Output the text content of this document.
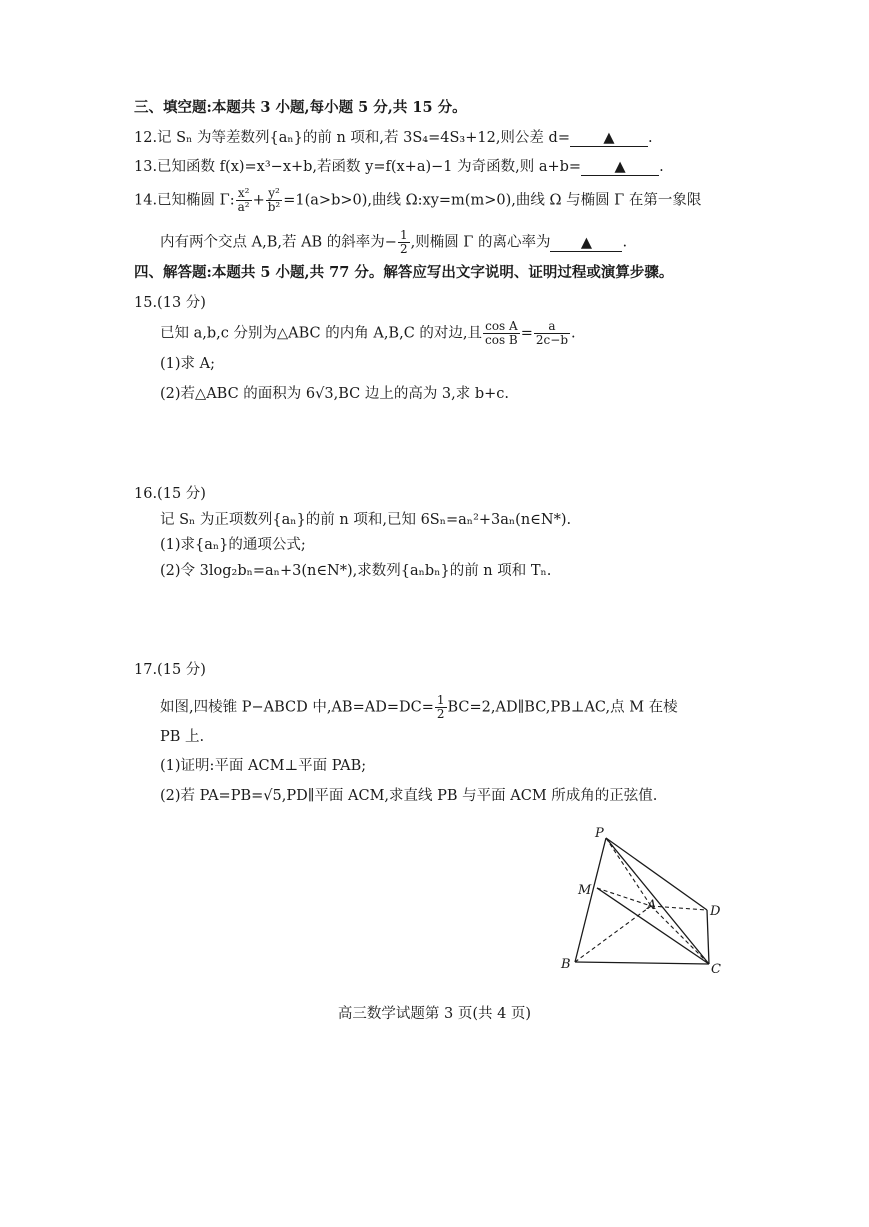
三、填空题:本题共 3 小题,每小题 5 分,共 15 分。
12.记 Sₙ 为等差数列{aₙ}的前 n 项和,若 3S₄=4S₃+12,则公差 d= ▲ .
13.已知函数 f(x)=x³−x+b,若函数 y=f(x+a)−1 为奇函数,则 a+b= ▲ .
14.已知椭圆 Γ: $\frac{\text{x²}}{\text{a²}} + \frac{\text{y²}}{\text{b²}} =1(a>b>0)$,曲线 Ω:xy=m(m>0),曲线 Ω 与椭圆 Γ 在第一象限
内有两个交点 A,B,若 AB 的斜率为− $\frac{1}{2}$ ,则椭圆 Γ 的离心率为 ▲ .
四、解答题:本题共 5 小题,共 77 分。解答应写出文字说明、证明过程或演算步骤。
15.(13 分)
已知 a,b,c 分别为△ABC 的内角 A,B,C 的对边,且 $\frac{\text{cos A}}{\text{cos B}} = \frac{a}{2c-b}$ .
(1)求 A;
(2)若△ABC 的面积为 6√3,BC 边上的高为 3,求 b+c.
16.(15 分)
记 Sₙ 为正项数列{aₙ}的前 n 项和,已知 6Sₙ=aₙ²+3aₙ(n∈N*).
(1)求{aₙ}的通项公式;
(2)令 3log₂bₙ=aₙ+3(n∈N*),求数列{aₙbₙ}的前 n 项和 Tₙ.
17.(15 分)
如图,四棱锥 P−ABCD 中$,AB=AD=DC= \frac{1}{2}$ BC=2,AD∥BC,PB⊥AC,点 M 在棱
PB 上.
(1)证明:平面 ACM⊥平面 PAB;
(2)若 PA=PB=√5,PD∥平面 ACM,求直线 PB 与平面 ACM 所成角的正弦值.
P
M
A	D
B	C
高三数学试题第 3 页(共 4 页)
